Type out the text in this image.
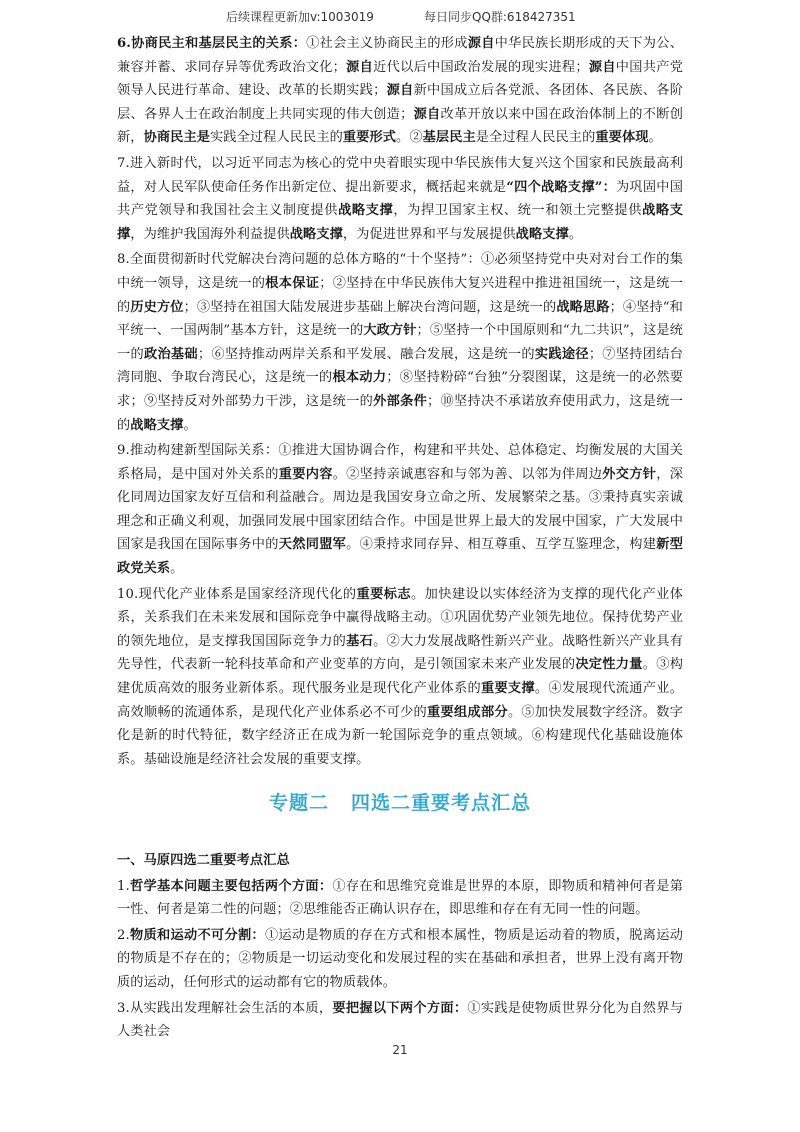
后续课程更新加v:1003019	每日同步QQ群:618427351

6.协商民主和基层民主的关系：①社会主义协商民主的形成源自中华民族长期形成的天下为公、兼容并蓄、求同存异等优秀政治文化；源自近代以后中国政治发展的现实进程；源自中国共产党领导人民进行革命、建设、改革的长期实践；源自新中国成立后各党派、各团体、各民族、各阶层、各界人士在政治制度上共同实现的伟大创造；源自改革开放以来中国在政治体制上的不断创新，协商民主是实践全过程人民民主的重要形式。②基层民主是全过程人民民主的重要体现。

7.进入新时代，以习近平同志为核心的党中央着眼实现中华民族伟大复兴这个国家和民族最高利益，对人民军队使命任务作出新定位、提出新要求，概括起来就是“四个战略支撑”：为巩固中国共产党领导和我国社会主义制度提供战略支撑，为捍卫国家主权、统一和领土完整提供战略支撑，为维护我国海外利益提供战略支撑，为促进世界和平与发展提供战略支撑。

8.全面贯彻新时代党解决台湾问题的总体方略的“十个坚持”：①必须坚持党中央对对台工作的集中统一领导，这是统一的根本保证；②坚持在中华民族伟大复兴进程中推进祖国统一，这是统一的历史方位；③坚持在祖国大陆发展进步基础上解决台湾问题，这是统一的战略思路；④坚持“和平统一、一国两制”基本方针，这是统一的大政方针；⑤坚持一个中国原则和“九二共识”，这是统一的政治基础；⑥坚持推动两岸关系和平发展、融合发展，这是统一的实践途径；⑦坚持团结台湾同胞、争取台湾民心，这是统一的根本动力；⑧坚持粉碎“台独”分裂图谋，这是统一的必然要求；⑨坚持反对外部势力干涉，这是统一的外部条件；⑩坚持决不承诺放弃使用武力，这是统一的战略支撑。

9.推动构建新型国际关系：①推进大国协调合作，构建和平共处、总体稳定、均衡发展的大国关系格局，是中国对外关系的重要内容。②坚持亲诚惠容和与邻为善、以邻为伴周边外交方针，深化同周边国家友好互信和利益融合。周边是我国安身立命之所、发展繁荣之基。③秉持真实亲诚理念和正确义利观，加强同发展中国家团结合作。中国是世界上最大的发展中国家，广大发展中国家是我国在国际事务中的天然同盟军。④秉持求同存异、相互尊重、互学互鉴理念，构建新型政党关系。

10.现代化产业体系是国家经济现代化的重要标志。加快建设以实体经济为支撑的现代化产业体系，关系我们在未来发展和国际竞争中赢得战略主动。①巩固优势产业领先地位。保持优势产业的领先地位，是支撑我国国际竞争力的基石。②大力发展战略性新兴产业。战略性新兴产业具有先导性，代表新一轮科技革命和产业变革的方向，是引领国家未来产业发展的决定性力量。③构建优质高效的服务业新体系。现代服务业是现代化产业体系的重要支撑。④发展现代流通产业。高效顺畅的流通体系，是现代化产业体系必不可少的重要组成部分。⑤加快发展数字经济。数字化是新的时代特征，数字经济正在成为新一轮国际竞争的重点领域。⑥构建现代化基础设施体系。基础设施是经济社会发展的重要支撑。

专题二 四选二重要考点汇总
一、马原四选二重要考点汇总

1.哲学基本问题主要包括两个方面：①存在和思维究竟谁是世界的本原，即物质和精神何者是第一性、何者是第二性的问题；②思维能否正确认识存在，即思维和存在有无同一性的问题。

2.物质和运动不可分割：①运动是物质的存在方式和根本属性，物质是运动着的物质，脱离运动的物质是不存在的；②物质是一切运动变化和发展过程的实在基础和承担者，世界上没有离开物质的运动，任何形式的运动都有它的物质载体。

3.从实践出发理解社会生活的本质，要把握以下两个方面：①实践是使物质世界分化为自然界与人类社会

21
